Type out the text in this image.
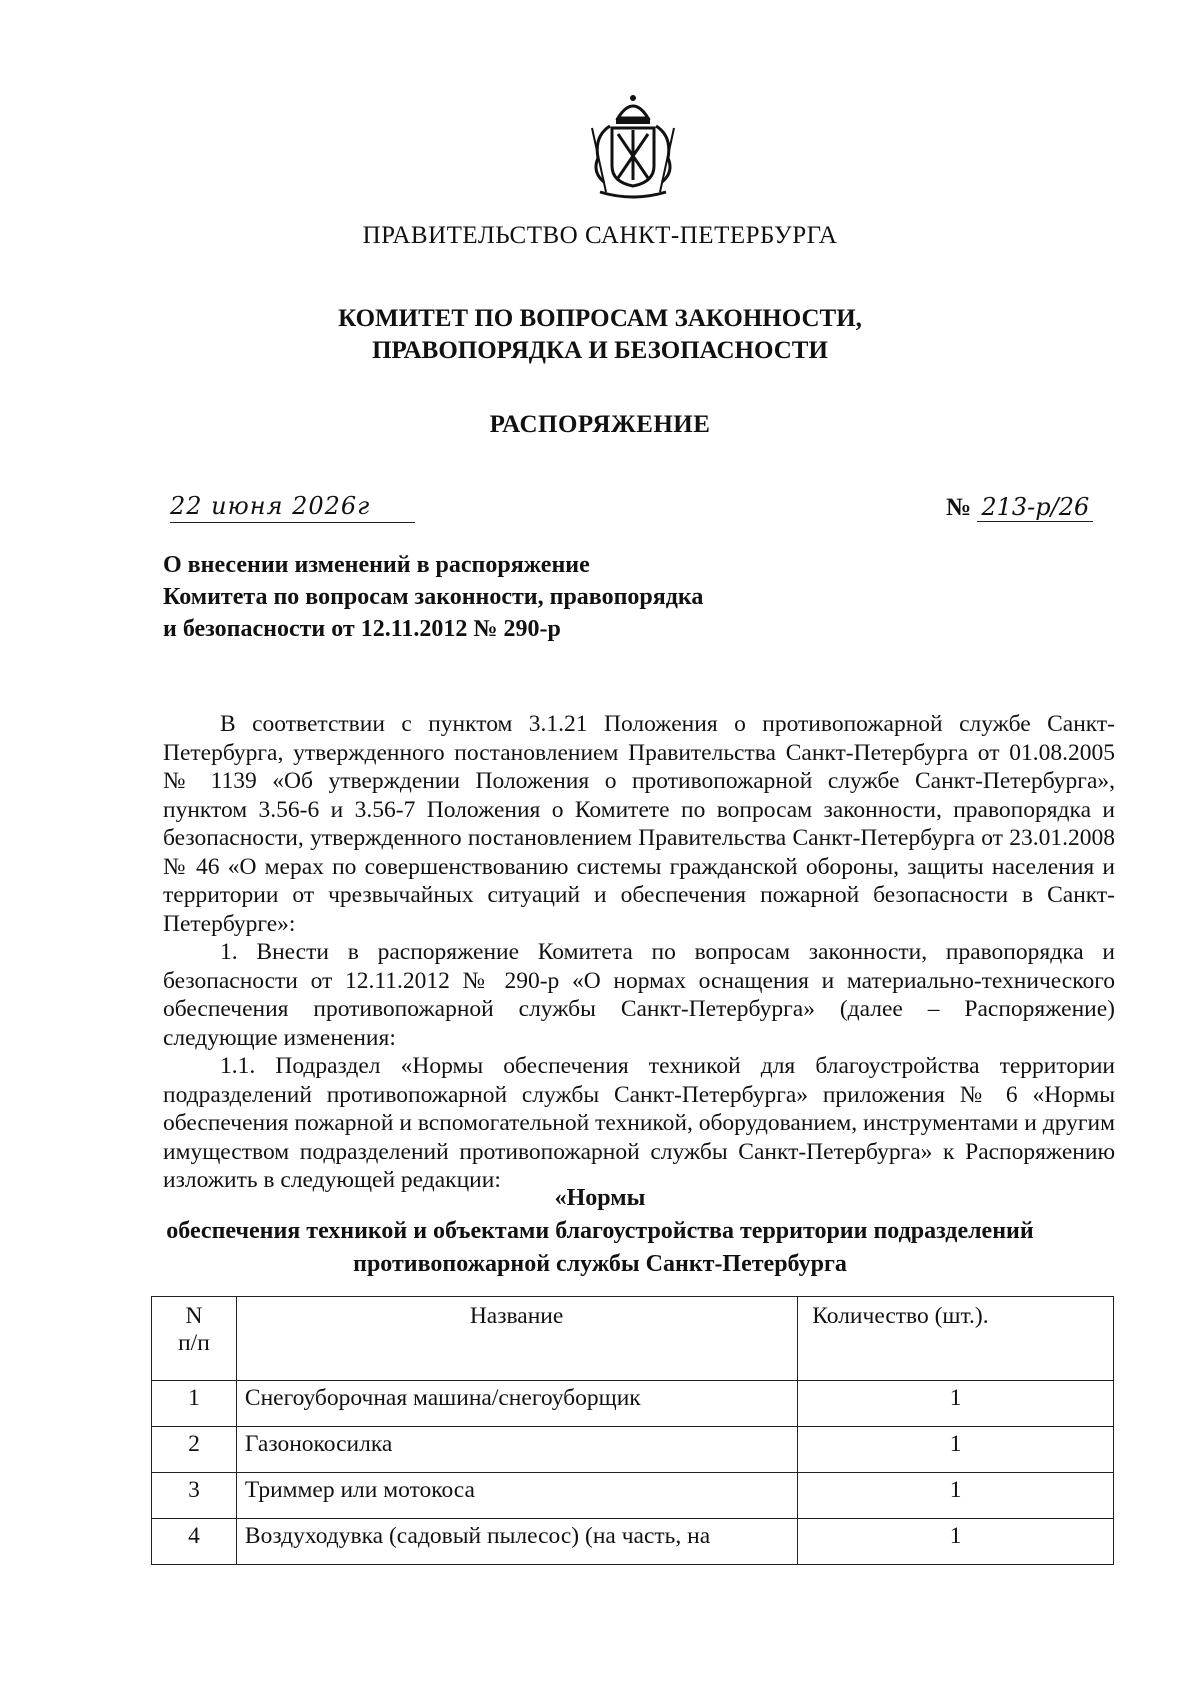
ПРАВИТЕЛЬСТВО САНКТ-ПЕТЕРБУРГА
КОМИТЕТ ПО ВОПРОСАМ ЗАКОННОСТИ,
ПРАВОПОРЯДКА И БЕЗОПАСНОСТИ
РАСПОРЯЖЕНИЕ
22 июня 2026г	№ 213-р/26
О внесении изменений в распоряжение
Комитета по вопросам законности, правопорядка
и безопасности от 12.11.2012 № 290-р

В соответствии с пунктом 3.1.21 Положения о противопожарной службе Санкт-Петербурга, утвержденного постановлением Правительства Санкт-Петербурга от 01.08.2005 № 1139 «Об утверждении Положения о противопожарной службе Санкт-Петербурга», пунктом 3.56-6 и 3.56-7 Положения о Комитете по вопросам законности, правопорядка и безопасности, утвержденного постановлением Правительства Санкт-Петербурга от 23.01.2008 № 46 «О мерах по совершенствованию системы гражданской обороны, защиты населения и территории от чрезвычайных ситуаций и обеспечения пожарной безопасности в Санкт-Петербурге»:

1. Внести в распоряжение Комитета по вопросам законности, правопорядка и безопасности от 12.11.2012 № 290-р «О нормах оснащения и материально-технического обеспечения противопожарной службы Санкт-Петербурга» (далее – Распоряжение) следующие изменения:

1.1. Подраздел «Нормы обеспечения техникой для благоустройства территории подразделений противопожарной службы Санкт-Петербурга» приложения № 6 «Нормы обеспечения пожарной и вспомогательной техникой, оборудованием, инструментами и другим имуществом подразделений противопожарной службы Санкт-Петербурга» к Распоряжению изложить в следующей редакции:

«Нормы
обеспечения техникой и объектами благоустройства территории подразделений
противопожарной службы Санкт-Петербурга
N
п/п	Название	Количество (шт.).
1	Снегоуборочная машина/снегоуборщик	1
2	Газонокосилка	1
3	Триммер или мотокоса	1
4	Воздуходувка (садовый пылесос) (на часть, на	1
